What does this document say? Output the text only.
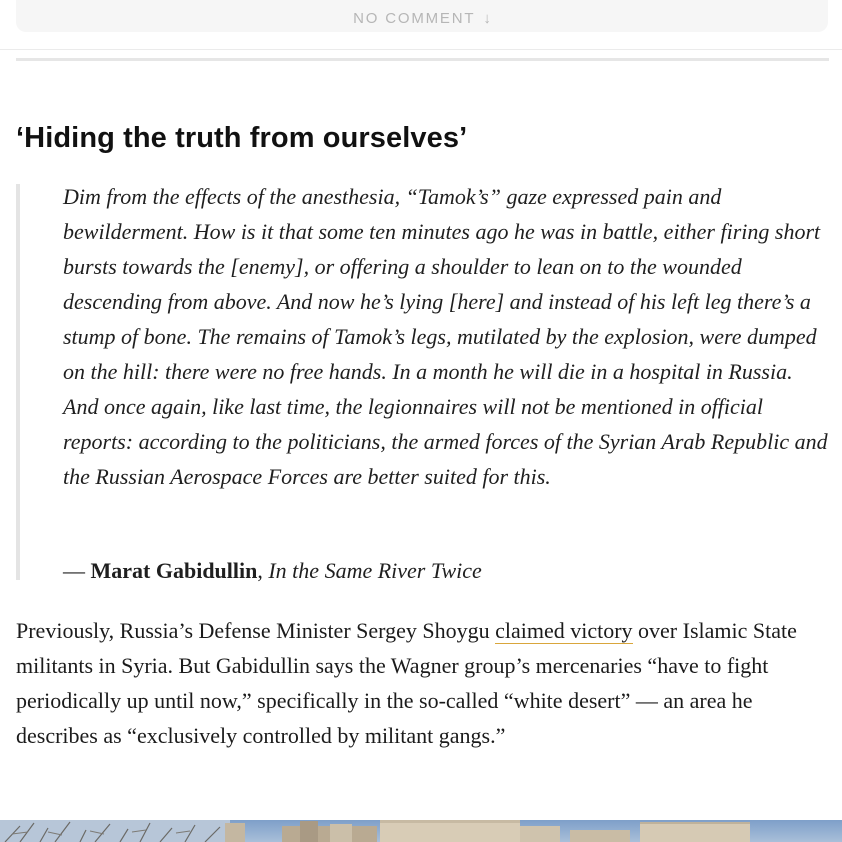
NO COMMENT ↓
‘Hiding the truth from ourselves’

Dim from the effects of the anesthesia, “Tamok’s” gaze expressed pain and bewilderment. How is it that some ten minutes ago he was in battle, either firing short bursts towards the [enemy], or offering a shoulder to lean on to the wounded descending from above. And now he’s lying [here] and instead of his left leg there’s a stump of bone. The remains of Tamok’s legs, mutilated by the explosion, were dumped on the hill: there were no free hands. In a month he will die in a hospital in Russia. And once again, like last time, the legionnaires will not be mentioned in official reports: according to the politicians, the armed forces of the Syrian Arab Republic and the Russian Aerospace Forces are better suited for this.

— Marat Gabidullin, In the Same River Twice

Previously, Russia’s Defense Minister Sergey Shoygu claimed victory over Islamic State militants in Syria. But Gabidullin says the Wagner group’s mercenaries “have to fight periodically up until now,” specifically in the so-called “white desert” — an area he describes as “exclusively controlled by militant gangs.”
